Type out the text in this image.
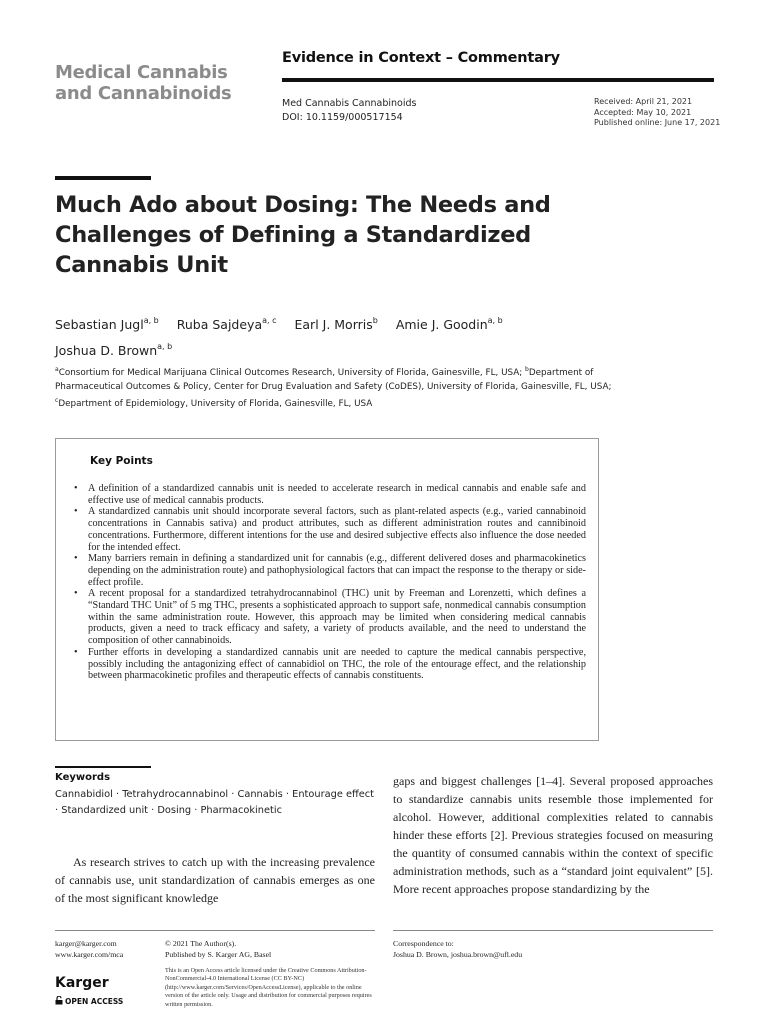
Medical Cannabis
and Cannabinoids
Evidence in Context – Commentary
Med Cannabis Cannabinoids
DOI: 10.1159/000517154
Received: April 21, 2021
Accepted: May 10, 2021
Published online: June 17, 2021
Much Ado about Dosing: The Needs and Challenges of Defining a Standardized Cannabis Unit
Sebastian Jugl$^{a, b}$ Ruba Sajdeya$^{a, c}$ Earl J. Morris$^b$ Amie J. Goodin$^{a, b}$
Joshua D. Brown$^{a, b}$
$^a$Consortium for Medical Marijuana Clinical Outcomes Research, University of Florida, Gainesville, FL, USA; $^b$Department of Pharmaceutical Outcomes & Policy, Center for Drug Evaluation and Safety (CoDES), University of Florida, Gainesville, FL, USA; $^c$Department of Epidemiology, University of Florida, Gainesville, FL, USA
Key Points
• A definition of a standardized cannabis unit is needed to accelerate research in medical cannabis and enable safe and effective use of medical cannabis products.
• A standardized cannabis unit should incorporate several factors, such as plant-related aspects (e.g., varied cannabinoid concentrations in Cannabis sativa) and product attributes, such as different administration routes and cannibinoid concentrations. Furthermore, different intentions for the use and desired subjective effects also influence the dose needed for the intended effect.
• Many barriers remain in defining a standardized unit for cannabis (e.g., different delivered doses and pharmacokinetics depending on the administration route) and pathophysiological factors that can impact the response to the therapy or side-effect profile.
• A recent proposal for a standardized tetrahydrocannabinol (THC) unit by Freeman and Lorenzetti, which defines a “Standard THC Unit” of 5 mg THC, presents a sophisticated approach to support safe, nonmedical cannabis consumption within the same administration route. However, this approach may be limited when considering medical cannabis products, given a need to track efficacy and safety, a variety of products available, and the need to understand the composition of other cannabinoids.
• Further efforts in developing a standardized cannabis unit are needed to capture the medical cannabis perspective, possibly including the antagonizing effect of cannabidiol on THC, the role of the entourage effect, and the relationship between pharmacokinetic profiles and therapeutic effects of cannabis constituents.
Keywords
Cannabidiol · Tetrahydrocannabinol · Cannabis · Entourage effect · Standardized unit · Dosing · Pharmacokinetic
As research strives to catch up with the increasing prevalence of cannabis use, unit standardization of cannabis emerges as one of the most significant knowledge
gaps and biggest challenges [1–4]. Several proposed approaches to standardize cannabis units resemble those implemented for alcohol. However, additional complexities related to cannabis hinder these efforts [2]. Previous strategies focused on measuring the quantity of consumed cannabis within the context of specific administration methods, such as a “standard joint equivalent” [5]. More recent approaches propose standardizing by the
karger@karger.com
www.karger.com/mca
© 2021 The Author(s).
Published by S. Karger AG, Basel
This is an Open Access article licensed under the Creative Commons Attribution-NonCommercial-4.0 International License (CC BY-NC) (http://www.karger.com/Services/OpenAccessLicense), applicable to the online version of the article only. Usage and distribution for commercial purposes requires written permission.
Correspondence to:
Joshua D. Brown, joshua.brown@ufl.edu
Karger
OPEN ACCESS
